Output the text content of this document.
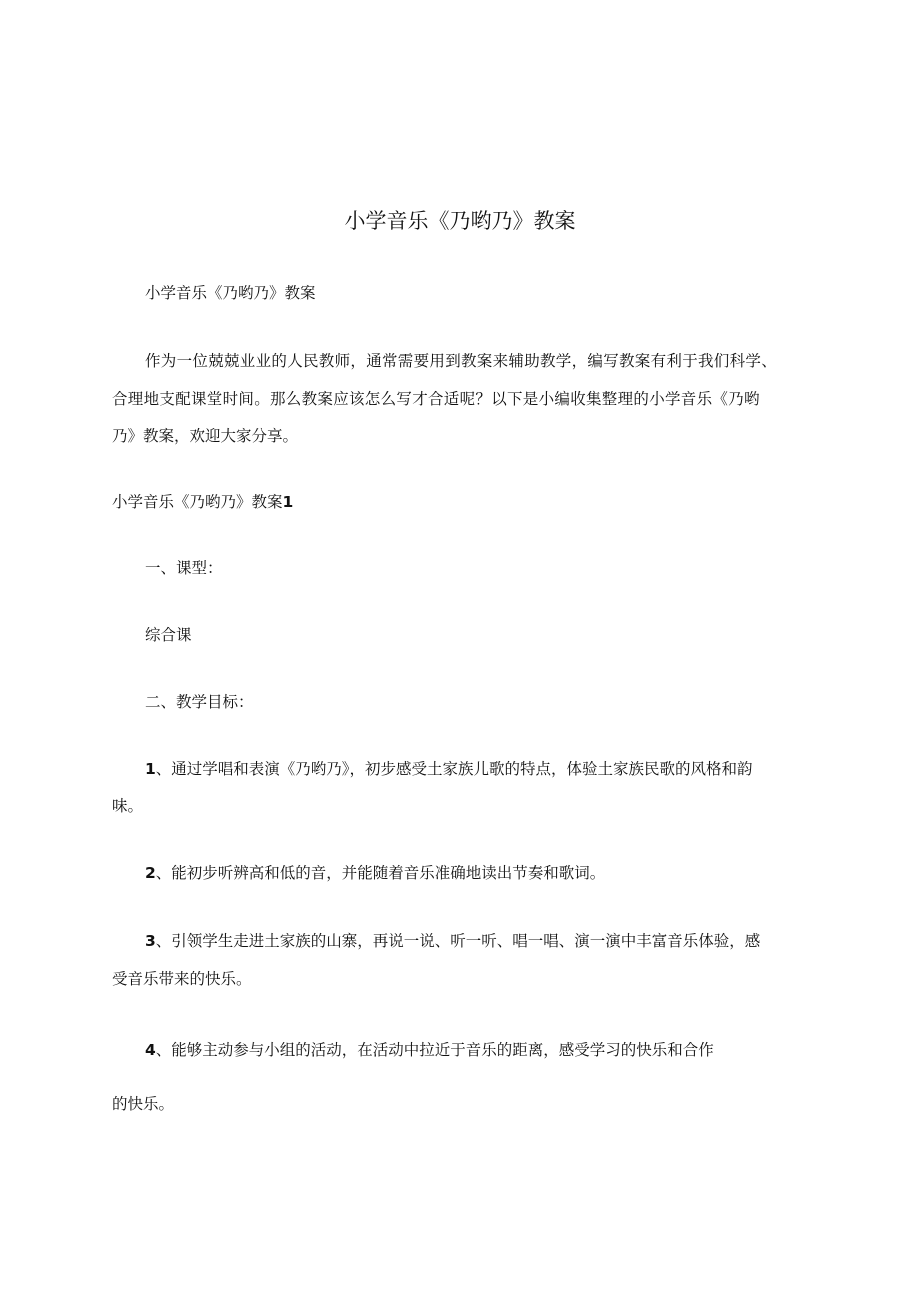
小学音乐《乃哟乃》教案

小学音乐《乃哟乃》教案

作为一位兢兢业业的人民教师，通常需要用到教案来辅助教学，编写教案有利于我们科学、

合理地支配课堂时间。那么教案应该怎么写才合适呢？以下是小编收集整理的小学音乐《乃哟

乃》教案，欢迎大家分享。

小学音乐《乃哟乃》教案1

一、课型：

综合课

二、教学目标：

1、通过学唱和表演《乃哟乃》，初步感受土家族儿歌的特点，体验土家族民歌的风格和韵

味。

2、能初步听辨高和低的音，并能随着音乐准确地读出节奏和歌词。

3、引领学生走进土家族的山寨，再说一说、听一听、唱一唱、演一演中丰富音乐体验，感

受音乐带来的快乐。

4、能够主动参与小组的活动，在活动中拉近于音乐的距离，感受学习的快乐和合作

的快乐。
